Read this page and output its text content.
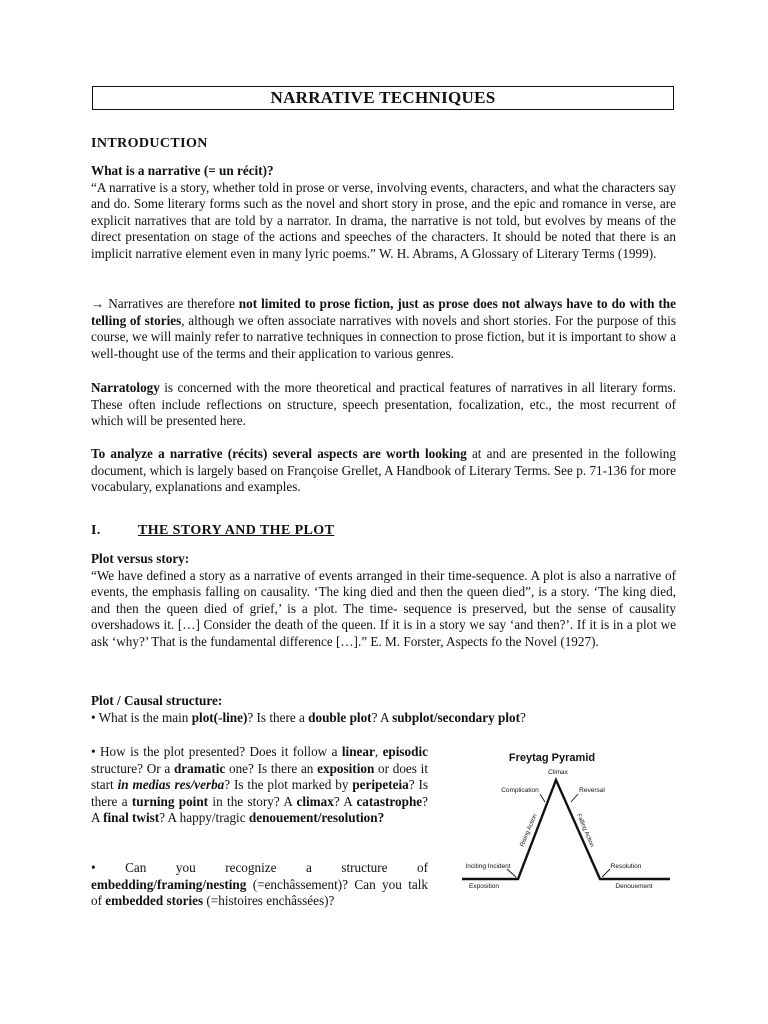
NARRATIVE TECHNIQUES
INTRODUCTION

What is a narrative (= un récit)?

“A narrative is a story, whether told in prose or verse, involving events, characters, and what the characters say and do. Some literary forms such as the novel and short story in prose, and the epic and romance in verse, are explicit narratives that are told by a narrator. In drama, the narrative is not told, but evolves by means of the direct presentation on stage of the actions and speeches of the characters. It should be noted that there is an implicit narrative element even in many lyric poems.” W. H. Abrams, A Glossary of Literary Terms (1999).

→ Narratives are therefore not limited to prose fiction, just as prose does not always have to do with the telling of stories, although we often associate narratives with novels and short stories. For the purpose of this course, we will mainly refer to narrative techniques in connection to prose fiction, but it is important to show a well-thought use of the terms and their application to various genres.

Narratology is concerned with the more theoretical and practical features of narratives in all literary forms. These often include reflections on structure, speech presentation, focalization, etc., the most recurrent of which will be presented here.

To analyze a narrative (récits) several aspects are worth looking at and are presented in the following document, which is largely based on Françoise Grellet, A Handbook of Literary Terms. See p. 71-136 for more vocabulary, explanations and examples.

I.	THE STORY AND THE PLOT

Plot versus story:

“We have defined a story as a narrative of events arranged in their time-sequence. A plot is also a narrative of events, the emphasis falling on causality. ‘The king died and then the queen died”, is a story. ‘The king died, and then the queen died of grief,’ is a plot. The time- sequence is preserved, but the sense of causality overshadows it. […] Consider the death of the queen. If it is in a story we say ‘and then?’. If it is in a plot we ask ‘why?’ That is the fundamental difference […].” E. M. Forster, Aspects fo the Novel (1927).

Plot / Causal structure:

• What is the main plot(-line)? Is there a double plot? A subplot/secondary plot?

• How is the plot presented? Does it follow a linear, episodic structure? Or a dramatic one? Is there an exposition or does it start in medias res/verba? Is the plot marked by peripeteia? Is there a turning point in the story? A climax? A catastrophe? A final twist? A happy/tragic denouement/resolution?

• Can you recognize a structure of embedding/framing/nesting (=enchâssement)? Can you talk of embedded stories (=histoires enchâssées)?

Freytag Pyramid
Climax
Complication	Reversal
Rising Action	Falling Action
Inciting Incident	Resolution
Exposition	Denouement
